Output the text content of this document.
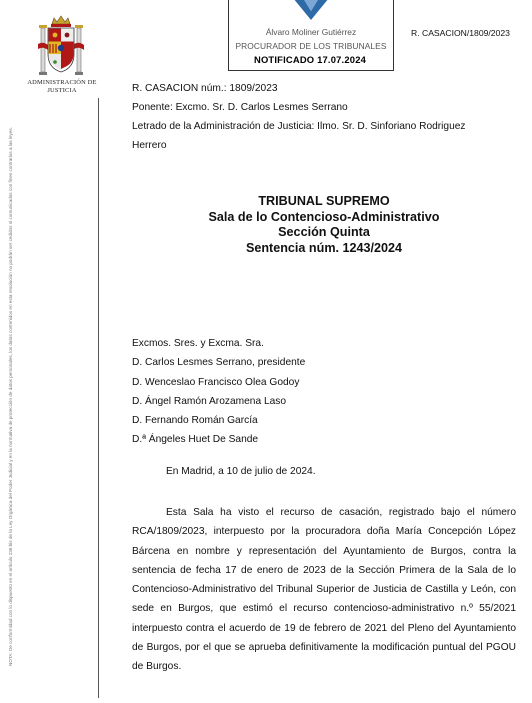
ADMINISTRACIÓN DE JUSTICIA
NOTA: De conformidad con lo dispuesto en el artículo 236 bis de la Ley Orgánica del Poder Judicial y en la normativa de protección de datos personales, los datos contenidos en esta resolución no podrán ser cedidos ni comunicados con fines contrarios a las leyes.
Álvaro Moliner Gutiérrez
PROCURADOR DE LOS TRIBUNALES
NOTIFICADO 17.07.2024
R. CASACION/1809/2023
R. CASACION núm.: 1809/2023
Ponente: Excmo. Sr. D. Carlos Lesmes Serrano
Letrado de la Administración de Justicia: Ilmo. Sr. D. Sinforiano Rodriguez
Herrero
TRIBUNAL SUPREMO
Sala de lo Contencioso-Administrativo
Sección Quinta
Sentencia núm. 1243/2024
Excmos. Sres. y Excma. Sra.
D. Carlos Lesmes Serrano, presidente
D. Wenceslao Francisco Olea Godoy
D. Ángel Ramón Arozamena Laso
D. Fernando Román García
D.ª Ángeles Huet De Sande
En Madrid, a 10 de julio de 2024.
Esta Sala ha visto el recurso de casación, registrado bajo el número RCA/1809/2023, interpuesto por la procuradora doña María Concepción López Bárcena en nombre y representación del Ayuntamiento de Burgos, contra la sentencia de fecha 17 de enero de 2023 de la Sección Primera de la Sala de lo Contencioso-Administrativo del Tribunal Superior de Justicia de Castilla y León, con sede en Burgos, que estimó el recurso contencioso-administrativo n.º 55/2021 interpuesto contra el acuerdo de 19 de febrero de 2021 del Pleno del Ayuntamiento de Burgos, por el que se aprueba definitivamente la modificación puntual del PGOU de Burgos.
